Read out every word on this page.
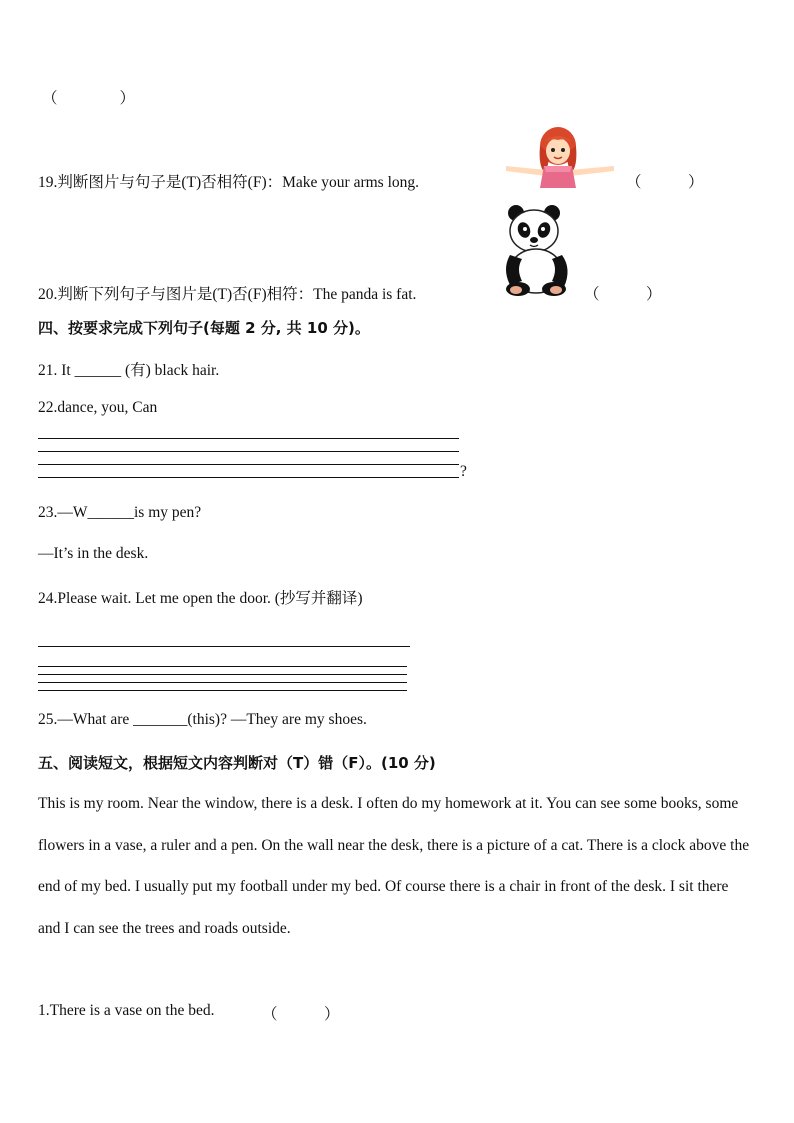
（　　　　）
19.判断图片与句子是(T)否相符(F)：Make your arms long.	（　　　）
20.判断下列句子与图片是(T)否(F)相符：The panda is fat.	（　　　）
四、按要求完成下列句子(每题 2 分, 共 10 分)。
21. It ______ (有) black hair.
22.dance, you, Can
?
23.—W______is my pen?
—It’s in the desk.
24.Please wait. Let me open the door. (抄写并翻译)
25.—What are _______(this)? —They are my shoes.
五、阅读短文，根据短文内容判断对（T）错（F）。(10 分)
This is my room. Near the window, there is a desk. I often do my homework at it. You can see some books, some flowers in a vase, a ruler and a pen. On the wall near the desk, there is a picture of a cat. There is a clock above the end of my bed. I usually put my football under my bed. Of course there is a chair in front of the desk. I sit there and I can see the trees and roads outside.
1.There is a vase on the bed.	（　　　）
